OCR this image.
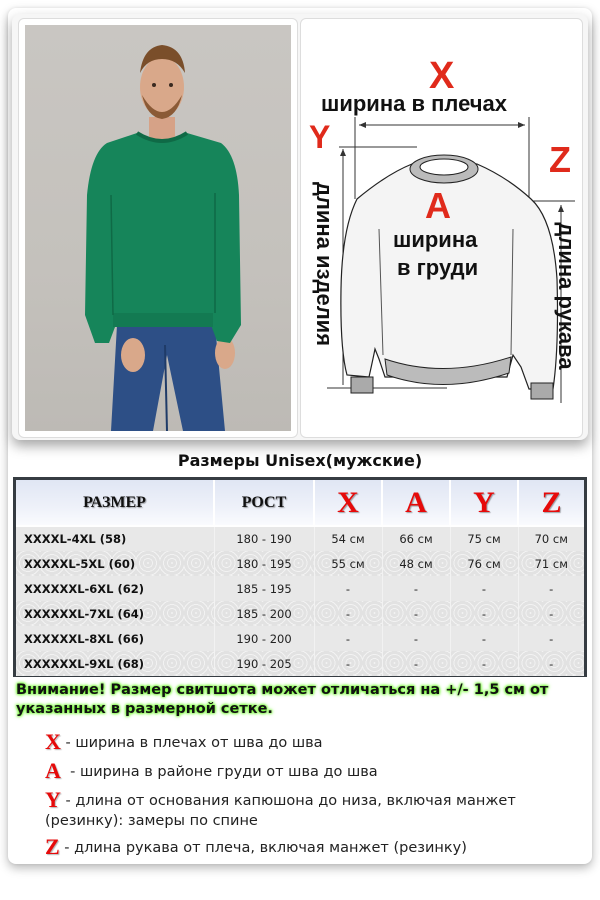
X
ширина в плечах
Y
длина изделия
Z
длина рукава
A
ширина
в груди
Размеры Unisex(мужские)
РАЗМЕР	РОСТ	X	A	Y	Z
XXXXL-4XL (58)	180 - 190	54 см	66 см	75 см	70 см
XXXXXL-5XL (60)	180 - 195	55 см	48 см	76 см	71 см
XXXXXXL-6XL (62)	185 - 195	-	-	-	-
XXXXXXL-7XL (64)	185 - 200	-	-	-	-
XXXXXXL-8XL (66)	190 - 200	-	-	-	-
XXXXXXL-9XL (68)	190 - 205	-	-	-	-
Внимание! Размер свитшота может отличаться на +/- 1,5 см от указанных в размерной сетке.
X - ширина в плечах от шва до шва
A  - ширина в районе груди от шва до шва
Y - длина от основания капюшона до низа, включая манжет
(резинку): замеры по спине
Z - длина рукава от плеча, включая манжет (резинку)
